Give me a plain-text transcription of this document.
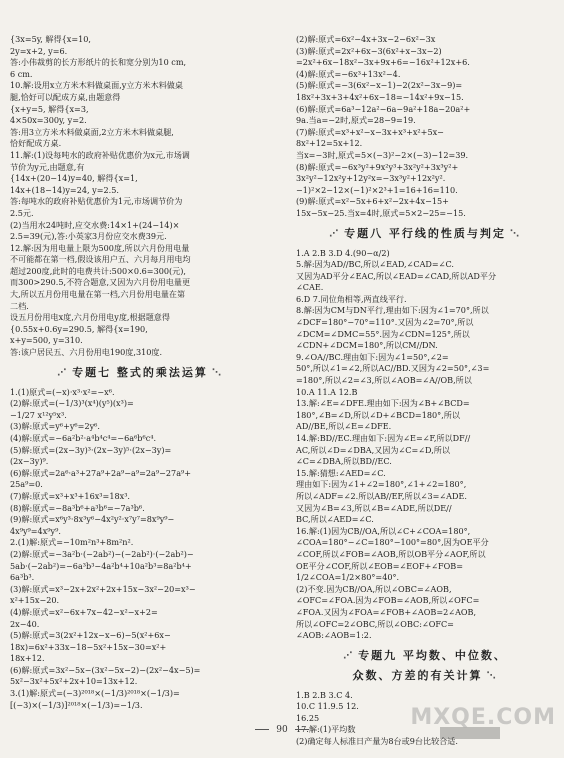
{3x=5y, 解得{x=10,
2y=x+2, y=6.
答:小伟裁剪的长方形纸片的长和宽分别为10 cm,
6 cm.
10.解:设用x立方米木料做桌面,y立方米木料做桌
腿,恰好可以配成方桌,由题意得
{x+y=5, 解得{x=3,
4×50x=300y, y=2.
答:用3立方米木料做桌面,2立方米木料做桌腿,
恰好配成方桌.
11.解:(1)设每吨水的政府补贴优惠价为x元,市场调
节价为y元,由题意,有
{14x+(20−14)y=40, 解得{x=1,
14x+(18−14)y=24, y=2.5.
答:每吨水的政府补贴优惠价为1元,市场调节价为
2.5元.
(2)当用水24吨时,应交水费:14×1+(24−14)×
2.5=39(元),答:小英家3月份应交水费39元.
12.解:因为用电量上限为500度,所以六月份用电量
不可能都在第一档,假设该用户五、六月每月用电均
超过200度,此时的电费共计:500×0.6=300(元),
而300>290.5,不符合题意,又因为六月份用电量更
大,所以五月份用电量在第一档,六月份用电量在第
二档.
设五月份用电x度,六月份用电y度,根据题意得
{0.55x+0.6y=290.5, 解得{x=190,
x+y=500, y=310.
答:该户居民五、六月份用电190度,310度.
⋰ 专题七 整式的乘法运算 ⋱
1.(1)原式=(−x)·x³·x²=−x⁶.
(2)解:原式=(−1/3)³(x⁴)(y⁵)(x³)=
−1/27 x¹²y⁵x³.
(3)解:原式=y⁶+y⁶=2y⁶.
(4)解:原式=−6a²b²·a⁴b⁴c⁴=−6a⁶b⁶c⁴.
(5)解:原式=(2x−3y)³·(2x−3y)⁵·(2x−3y)=
(2x−3y)⁹.
(6)解:原式=2a⁶·a³+27a⁹+2a⁹−a⁹=2a⁹−27a⁹+
25a⁹=0.
(7)解:原式=x³+x³+16x³=18x³.
(8)解:原式=−8a³b⁶+a³b⁶=−7a³b⁶.
(9)解:原式=x⁶y³·8x³y⁶−4x²y²·x⁷y⁷=8x⁹y⁹−
4x⁹y⁹=4x⁹y⁹.
2.(1)解:原式=−10m²n³+8m²n².
(2)解:原式=−3a²b·(−2ab²)−(−2ab²)·(−2ab²)−
5ab·(−2ab²)=−6a³b³−4a²b⁴+10a²b³=8a²b⁴+
6a³b³.
(3)解:原式=x³−2x+2x²+2x+15x−3x²−20=x³−
x²+15x−20.
(4)解:原式=x²−6x+7x−42−x²−x+2=
2x−40.
(5)解:原式=3(2x²+12x−x−6)−5(x²+6x−
18x)=6x²+33x−18−5x²+15x−30=x²+
18x+12.
(6)解:原式=3x²−5x−(3x²−5x−2)−(2x²−4x−5)=
5x²−3x²+5x²+2x+10=13x+12.
3.(1)解:原式=(−3)²⁰¹⁸×(−1/3)²⁰¹⁸×(−1/3)=
[(−3)×(−1/3)]²⁰¹⁸×(−1/3)=−1/3.
(2)解:原式=6x²−4x+3x−2−6x²−3x
(3)解:原式=2x²+6x−3(6x²+x−3x−2)
=2x²+6x−18x²−3x+9x+6=−16x²+12x+6.
(4)解:原式=−6x³+13x²−4.
(5)解:原式=−3(6x²−x−1)−2(2x²−3x−9)=
18x²+3x+3+4x²+6x−18=−14x²+9x−15.
(6)解:原式=6a³−12a²−6a−9a²+18a−20a²+
9a.当a=−2时,原式=28−9=19.
(7)解:原式=x³+x²−x−3x+x³+x²+5x−
8x²+12=5x+12.
当x=−3时,原式=5×(−3)²−2×(−3)−12=39.
(8)解:原式=−6x³y²+9x²y³+3x²y²+3x³y²+
3x²y²−12x²y+12y²x=−3x³y²+12x²y².
−1)²×2−12×(−1)²×2³+1=16+16=110.
(9)解:原式=x²−5x+6+x²−2x+4x−15+
15x−5x−25.当x=4时,原式=5×2−25=−15.
⋰ 专题八 平行线的性质与判定 ⋱
1.A 2.B 3.D 4.(90−α/2)
5.解:因为AD//BC,所以∠EAD,∠CAD=∠C.
又因为AD平分∠EAC,所以∠EAD=∠CAD,所以AD平分
∠CAE.
6.D 7.同位角相等,两直线平行.
8.解:因为CM与DN平行,理由如下:因为∠1=70°,所以
∠DCF=180°−70°=110°.又因为∠2=70°,所以
∠DCM=∠DMC=55°.因为∠CDN=125°,所以
∠CDN+∠DCM=180°,所以CM//DN.
9.∠OA//BC.理由如下:因为∠1=50°,∠2=
50°,所以∠1=∠2,所以AC//BD.又因为∠2=50°,∠3=
=180°,所以∠2=∠3,所以∠AOB=∠A//OB,所以
10.A 11.A 12.B
13.解:∠E=∠DFE.理由如下:因为∠B+∠BCD=
180°,∠B=∠D,所以∠D+∠BCD=180°,所以
AD//BE,所以∠E=∠DFE.
14.解:BD//EC.理由如下:因为∠E=∠F,所以DF//
AC,所以∠D=∠DBA,又因为∠C=∠D,所以
∠C=∠DBA,所以BD//EC.
15.解:猜想:∠AED=∠C.
理由如下:因为∠1+∠2=180°,∠1+∠2=180°,
所以∠ADF=∠2.所以AB//EF,所以∠3=∠ADE.
又因为∠B=∠3,所以∠B=∠ADE,所以DE//
BC,所以∠AED=∠C.
16.解:(1)因为CB//OA,所以∠C+∠COA=180°,
∠COA=180°−∠C=180°−100°=80°,因为OE平分
∠COF,所以∠FOB=∠AOB,所以OB平分∠AOF,所以
OE平分∠COF,所以∠EOB=∠EOF+∠FOB=
1/2∠COA=1/2×80°=40°.
(2)不变.因为CB//OA,所以∠OBC=∠AOB,
∠OFC=∠FOA.因为∠FOB=∠AOB,所以∠OFC=
∠FOA.又因为∠FOA=∠FOB+∠AOB=2∠AOB,
所以∠OFC=2∠OBC,所以∠OBC:∠OFC=
∠AOB:∠AOB=1:2.
⋰ 专题九 平均数、中位数、
众数、方差的有关计算 ⋱
1.B 2.B 3.C 4.
10.C 11.9.5 12.
16.25
17.解:(1)平均数
(2)确定每人标准日产量为8台或9台比较合适.
MXQE.COM
90
